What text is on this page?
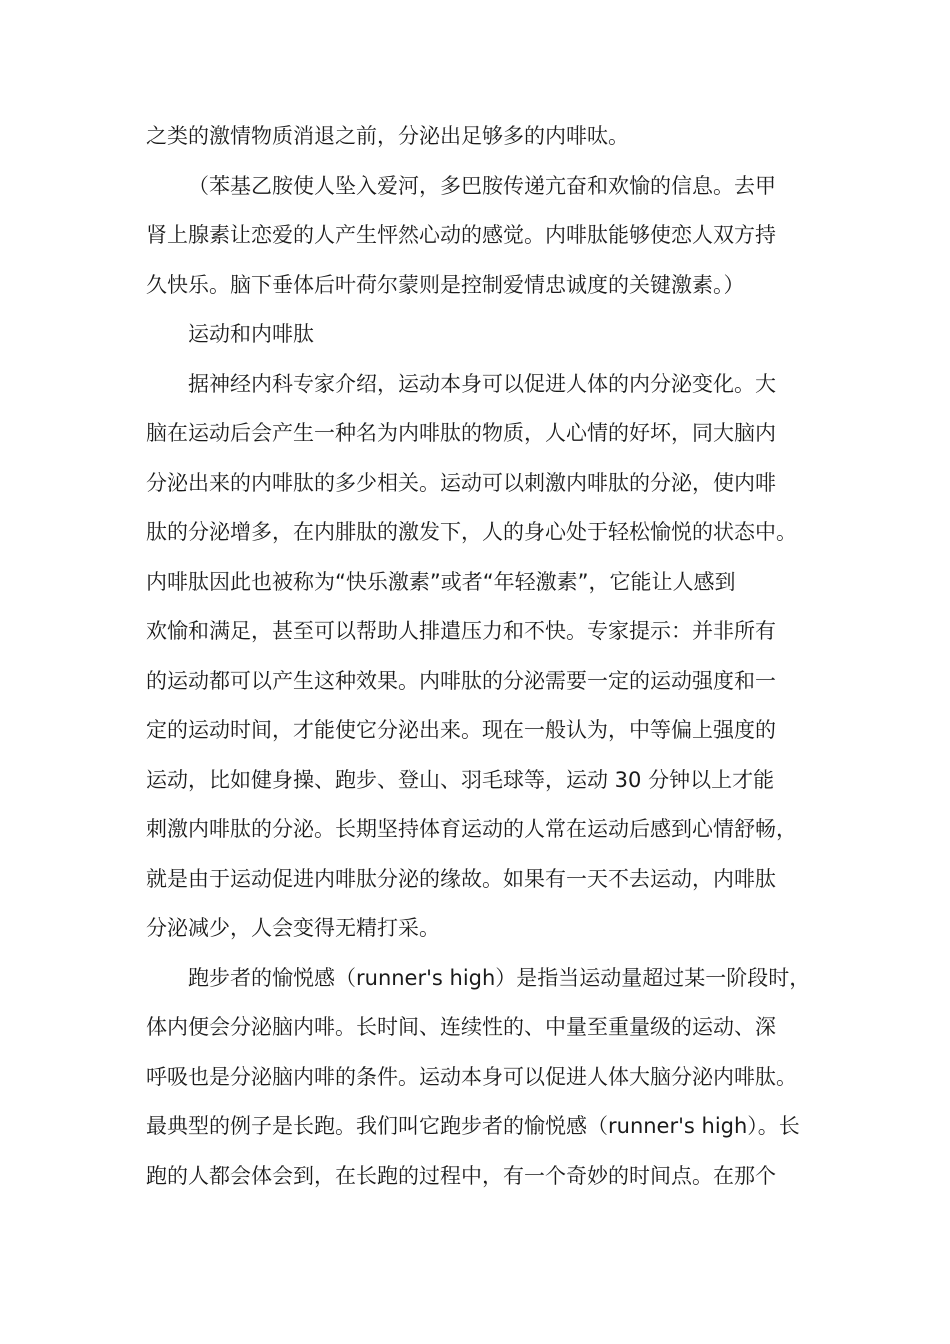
之类的激情物质消退之前，分泌出足够多的内啡呔。
（苯基乙胺使人坠入爱河，多巴胺传递亢奋和欢愉的信息。去甲
肾上腺素让恋爱的人产生怦然心动的感觉。内啡肽能够使恋人双方持
久快乐。脑下垂体后叶荷尔蒙则是控制爱情忠诚度的关键激素。）
运动和内啡肽
据神经内科专家介绍，运动本身可以促进人体的内分泌变化。大
脑在运动后会产生一种名为内啡肽的物质，人心情的好坏，同大脑内
分泌出来的内啡肽的多少相关。运动可以刺激内啡肽的分泌，使内啡
肽的分泌增多，在内腓肽的激发下，人的身心处于轻松愉悦的状态中。
内啡肽因此也被称为“快乐激素”或者“年轻激素”，它能让人感到
欢愉和满足，甚至可以帮助人排遣压力和不快。专家提示：并非所有
的运动都可以产生这种效果。内啡肽的分泌需要一定的运动强度和一
定的运动时间，才能使它分泌出来。现在一般认为，中等偏上强度的
运动，比如健身操、跑步、登山、羽毛球等，运动 30 分钟以上才能
刺激内啡肽的分泌。长期坚持体育运动的人常在运动后感到心情舒畅，
就是由于运动促进内啡肽分泌的缘故。如果有一天不去运动，内啡肽
分泌减少，人会变得无精打采。
跑步者的愉悦感（runner's high）是指当运动量超过某一阶段时，
体内便会分泌脑内啡。长时间、连续性的、中量至重量级的运动、深
呼吸也是分泌脑内啡的条件。运动本身可以促进人体大脑分泌内啡肽。
最典型的例子是长跑。我们叫它跑步者的愉悦感（runner's high）。长
跑的人都会体会到，在长跑的过程中，有一个奇妙的时间点。在那个
